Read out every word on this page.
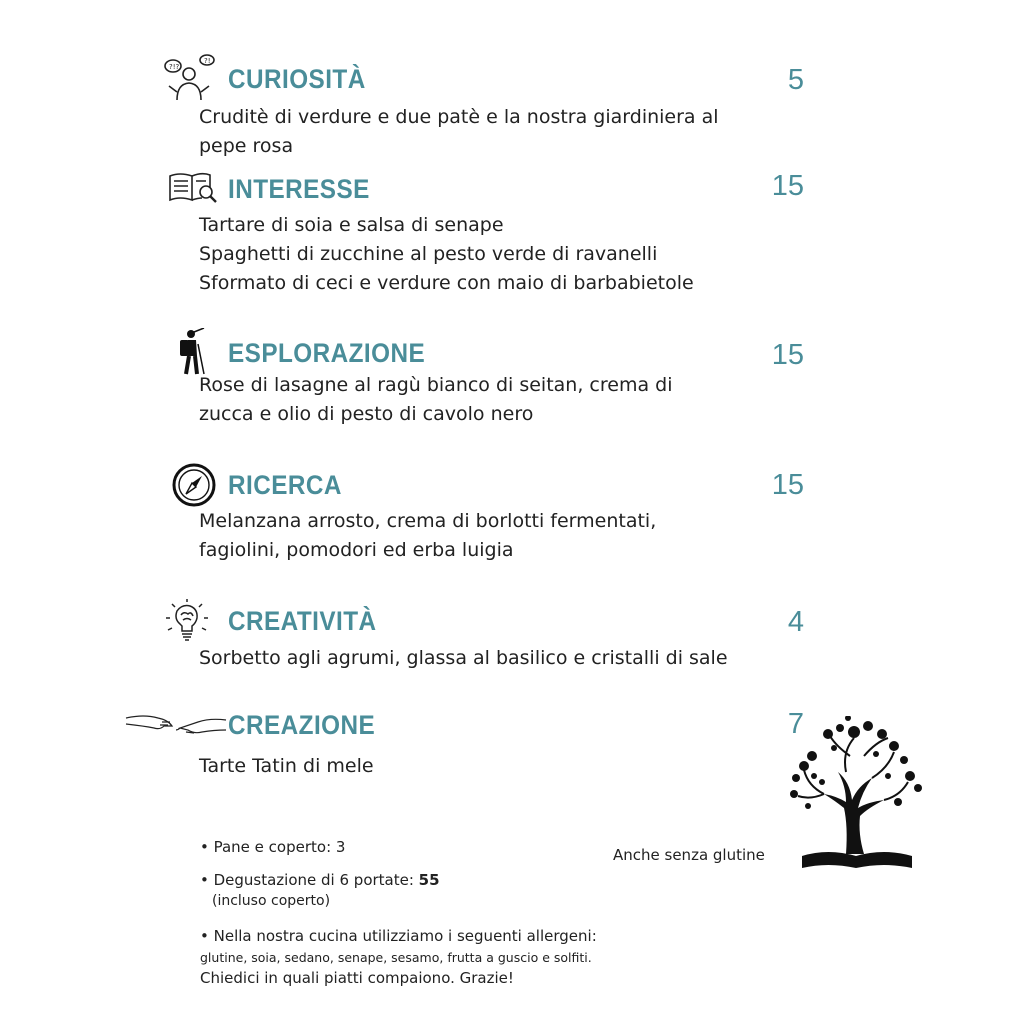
?!?
?!
CURIOSITÀ	5
Cruditè di verdure e due patè e la nostra giardiniera al
pepe rosa
INTERESSE	15
Tartare di soia e salsa di senape
Spaghetti di zucchine al pesto verde di ravanelli
Sformato di ceci e verdure con maio di barbabietole
ESPLORAZIONE	15
Rose di lasagne al ragù bianco di seitan, crema di
zucca e olio di pesto di cavolo nero
RICERCA	15
Melanzana arrosto, crema di borlotti fermentati,
fagiolini, pomodori ed erba luigia
CREATIVITÀ	4
Sorbetto agli agrumi, glassa al basilico e cristalli di sale
CREAZIONE	7
Tarte Tatin di mele
• Pane e coperto: 3
• Degustazione di 6 portate: 55
(incluso coperto)
• Nella nostra cucina utilizziamo i seguenti allergeni:
glutine, soia, sedano, senape, sesamo, frutta a guscio e solfiti.
Chiedici in quali piatti compaiono. Grazie!
Anche senza glutine
